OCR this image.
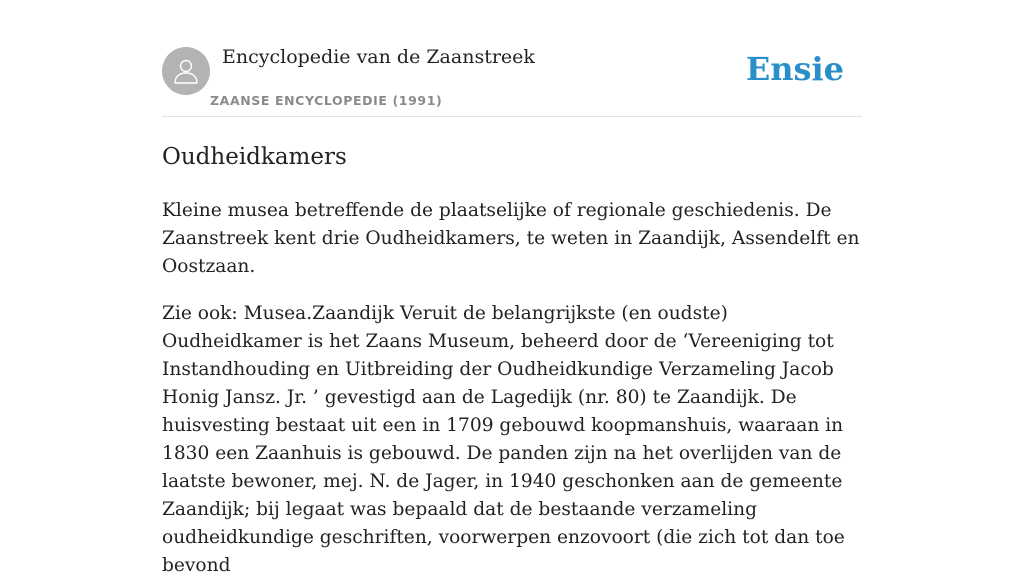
Encyclopedie van de Zaanstreek
ZAANSE ENCYCLOPEDIE (1991)
Ensie
Oudheidkamers

Kleine musea betreffende de plaatselijke of regionale geschiedenis. De Zaanstreek kent drie Oudheidkamers, te weten in Zaandijk, Assendelft en Oostzaan.

Zie ook: Musea.Zaandijk Veruit de belangrijkste (en oudste) Oudheidkamer is het Zaans Museum, beheerd door de ‘Vereeniging tot Instandhouding en Uitbreiding der Oudheidkundige Verzameling Jacob Honig Jansz. Jr. ’ gevestigd aan de Lagedijk (nr. 80) te Zaandijk. De huisvesting bestaat uit een in 1709 gebouwd koopmanshuis, waaraan in 1830 een Zaanhuis is gebouwd. De panden zijn na het overlijden van de laatste bewoner, mej. N. de Jager, in 1940 geschonken aan de gemeente Zaandijk; bij legaat was bepaald dat de bestaande verzameling oudheidkundige geschriften, voorwerpen enzovoort (die zich tot dan toe bevond
